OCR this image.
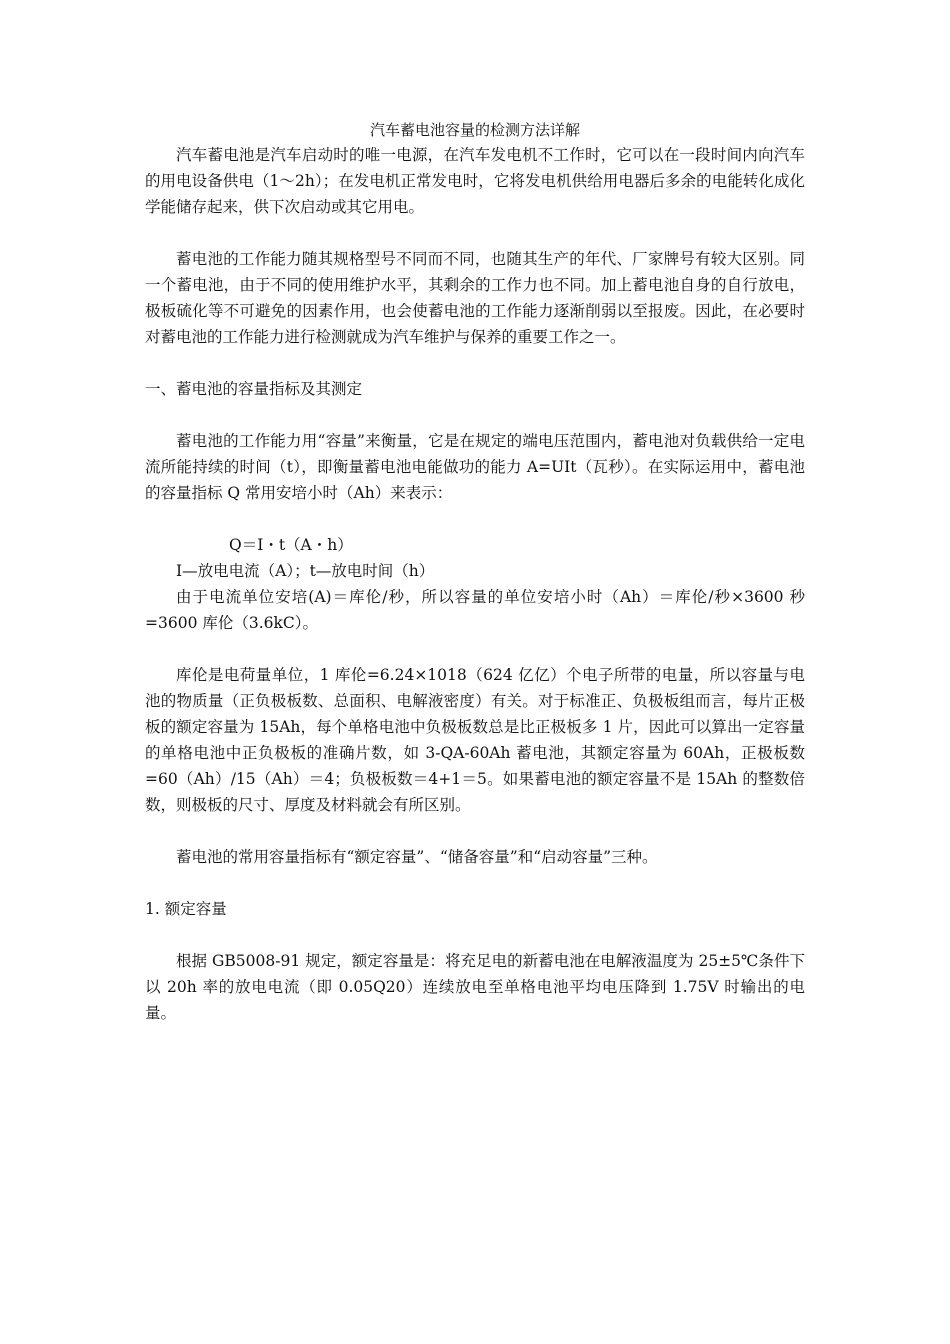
汽车蓄电池容量的检测方法详解

汽车蓄电池是汽车启动时的唯一电源，在汽车发电机不工作时，它可以在一段时间内向汽车的用电设备供电（1～2h）；在发电机正常发电时，它将发电机供给用电器后多余的电能转化成化学能储存起来，供下次启动或其它用电。

蓄电池的工作能力随其规格型号不同而不同，也随其生产的年代、厂家牌号有较大区别。同一个蓄电池，由于不同的使用维护水平，其剩余的工作力也不同。加上蓄电池自身的自行放电，极板硫化等不可避免的因素作用，也会使蓄电池的工作能力逐渐削弱以至报废。因此，在必要时对蓄电池的工作能力进行检测就成为汽车维护与保养的重要工作之一。

一、蓄电池的容量指标及其测定

蓄电池的工作能力用“容量”来衡量，它是在规定的端电压范围内，蓄电池对负载供给一定电流所能持续的时间（t），即衡量蓄电池电能做功的能力 A=UIt（瓦秒）。在实际运用中，蓄电池的容量指标 Q 常用安培小时（Ah）来表示：

Q＝I・t（A・h）

I—放电电流（A）；t—放电时间（h）

由于电流单位安培(A)＝库伦/秒，所以容量的单位安培小时（Ah）＝库伦/秒×3600 秒=3600 库伦（3.6kC）。

库伦是电荷量单位，1 库伦=6.24×1018（624 亿亿）个电子所带的电量，所以容量与电池的物质量（正负极板数、总面积、电解液密度）有关。对于标准正、负极板组而言，每片正极板的额定容量为 15Ah，每个单格电池中负极板数总是比正极板多 1 片，因此可以算出一定容量的单格电池中正负极板的准确片数，如 3-QA-60Ah 蓄电池，其额定容量为 60Ah，正极板数=60（Ah）/15（Ah）＝4；负极板数＝4+1＝5。如果蓄电池的额定容量不是 15Ah 的整数倍数，则极板的尺寸、厚度及材料就会有所区别。

蓄电池的常用容量指标有“额定容量”、“储备容量”和“启动容量”三种。

1. 额定容量

根据 GB5008-91 规定，额定容量是：将充足电的新蓄电池在电解液温度为 25±5℃条件下以 20h 率的放电电流（即 0.05Q20）连续放电至单格电池平均电压降到 1.75V 时输出的电量。
